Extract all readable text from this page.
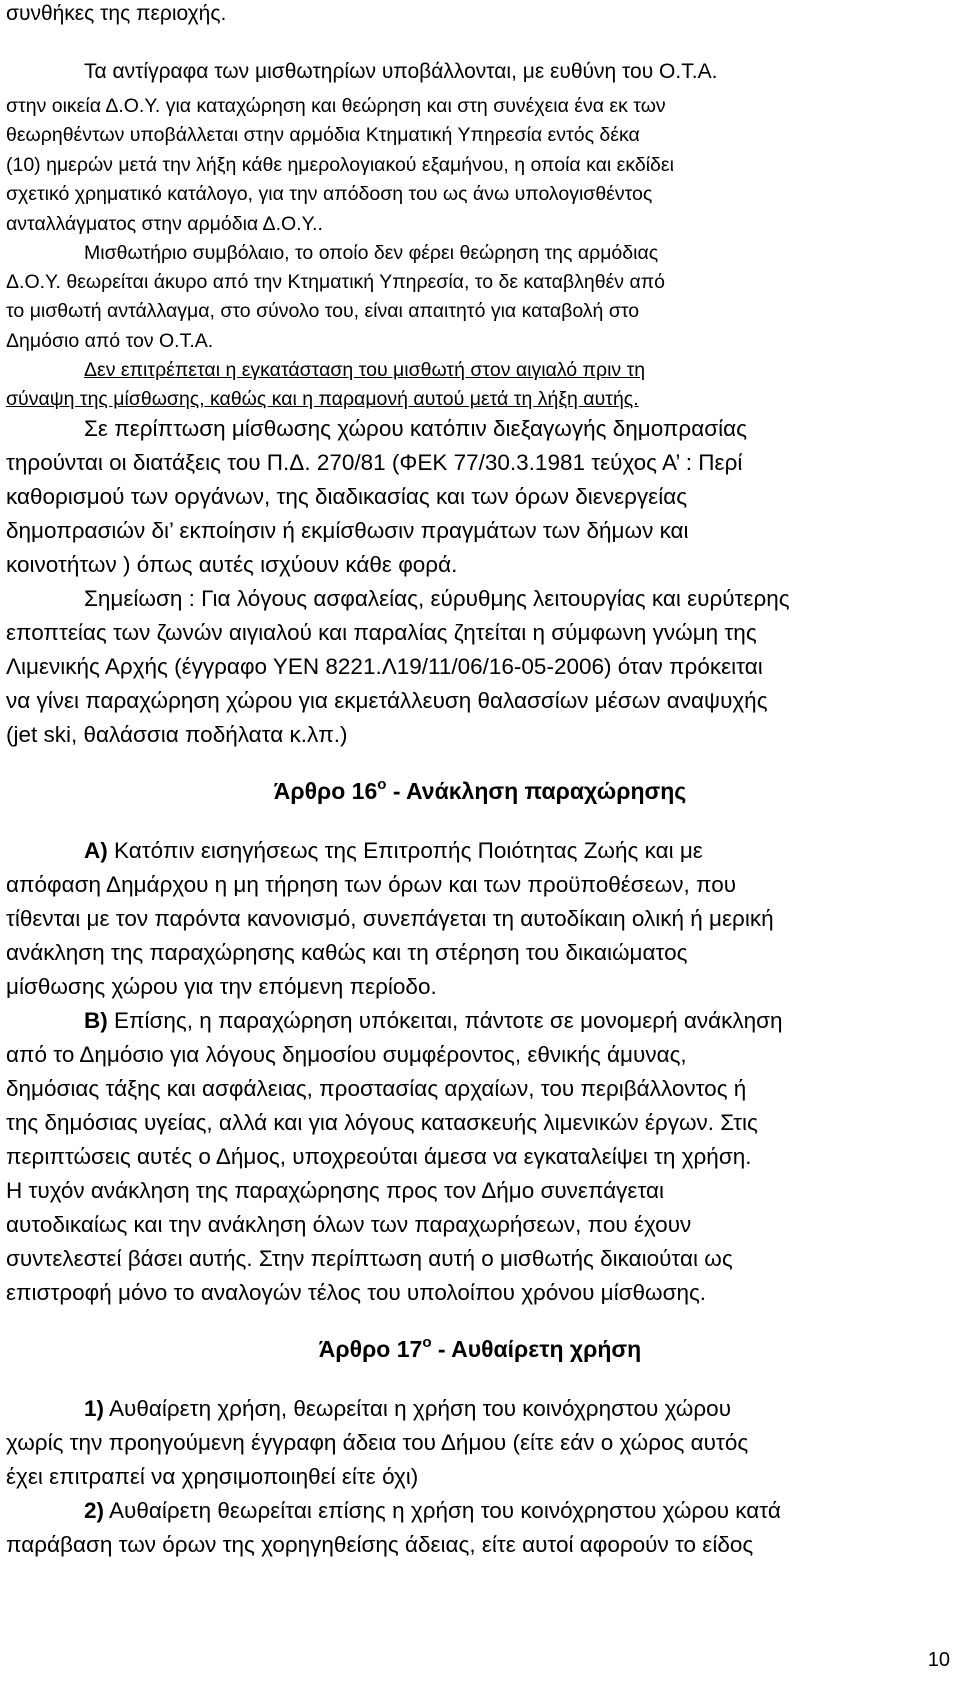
συνθήκες της περιοχής.
Τα αντίγραφα των μισθωτηρίων υποβάλλονται, με ευθύνη του Ο.Τ.Α.
στην οικεία Δ.Ο.Υ. για καταχώρηση και θεώρηση και στη συνέχεια ένα εκ των
θεωρηθέντων υποβάλλεται στην αρμόδια Κτηματική Υπηρεσία εντός δέκα
(10) ημερών μετά την λήξη κάθε ημερολογιακού εξαμήνου, η οποία και εκδίδει
σχετικό χρηματικό κατάλογο, για την απόδοση του ως άνω υπολογισθέντος
ανταλλάγματος στην αρμόδια Δ.Ο.Υ..
Μισθωτήριο συμβόλαιο, το οποίο δεν φέρει θεώρηση της αρμόδιας
Δ.Ο.Υ. θεωρείται άκυρο από την Κτηματική Υπηρεσία, το δε καταβληθέν από
το μισθωτή αντάλλαγμα, στο σύνολο του, είναι απαιτητό για καταβολή στο
Δημόσιο από τον Ο.Τ.Α.
Δεν επιτρέπεται η εγκατάσταση του μισθωτή στον αιγιαλό πριν τη
σύναψη της μίσθωσης, καθώς και η παραμονή αυτού μετά τη λήξη αυτής.
Σε περίπτωση μίσθωσης χώρου κατόπιν διεξαγωγής δημοπρασίας
τηρούνται οι διατάξεις του Π.Δ. 270/81 (ΦΕΚ 77/30.3.1981 τεύχος Α’ : Περί
καθορισμού των οργάνων, της διαδικασίας και των όρων διενεργείας
δημοπρασιών δι’ εκποίησιν ή εκμίσθωσιν πραγμάτων των δήμων και
κοινοτήτων ) όπως αυτές ισχύουν κάθε φορά.
Σημείωση : Για λόγους ασφαλείας, εύρυθμης λειτουργίας και ευρύτερης
εποπτείας των ζωνών αιγιαλού και παραλίας ζητείται η σύμφωνη γνώμη της
Λιμενικής Αρχής (έγγραφο ΥΕΝ 8221.Λ19/11/06/16-05-2006) όταν πρόκειται
να γίνει παραχώρηση χώρου για εκμετάλλευση θαλασσίων μέσων αναψυχής
(jet ski, θαλάσσια ποδήλατα κ.λπ.)
Άρθρο $16^o$ - Ανάκληση παραχώρησης
Α) Κατόπιν εισηγήσεως της Επιτροπής Ποιότητας Ζωής και με
απόφαση Δημάρχου η μη τήρηση των όρων και των προϋποθέσεων, που
τίθενται με τον παρόντα κανονισμό, συνεπάγεται τη αυτοδίκαιη ολική ή μερική
ανάκληση της παραχώρησης καθώς και τη στέρηση του δικαιώματος
μίσθωσης χώρου για την επόμενη περίοδο.
Β) Επίσης, η παραχώρηση υπόκειται, πάντοτε σε μονομερή ανάκληση
από το Δημόσιο για λόγους δημοσίου συμφέροντος, εθνικής άμυνας,
δημόσιας τάξης και ασφάλειας, προστασίας αρχαίων, του περιβάλλοντος ή
της δημόσιας υγείας, αλλά και για λόγους κατασκευής λιμενικών έργων. Στις
περιπτώσεις αυτές ο Δήμος, υποχρεούται άμεσα να εγκαταλείψει τη χρήση.
Η τυχόν ανάκληση της παραχώρησης προς τον Δήμο συνεπάγεται
αυτοδικαίως και την ανάκληση όλων των παραχωρήσεων, που έχουν
συντελεστεί βάσει αυτής. Στην περίπτωση αυτή ο μισθωτής δικαιούται ως
επιστροφή μόνο το αναλογών τέλος του υπολοίπου χρόνου μίσθωσης.
Άρθρο $17^o$ - Αυθαίρετη χρήση
1) Αυθαίρετη χρήση, θεωρείται η χρήση του κοινόχρηστου χώρου
χωρίς την προηγούμενη έγγραφη άδεια του Δήμου (είτε εάν ο χώρος αυτός
έχει επιτραπεί να χρησιμοποιηθεί είτε όχι)
2) Αυθαίρετη θεωρείται επίσης η χρήση του κοινόχρηστου χώρου κατά
παράβαση των όρων της χορηγηθείσης άδειας, είτε αυτοί αφορούν το είδος
10
